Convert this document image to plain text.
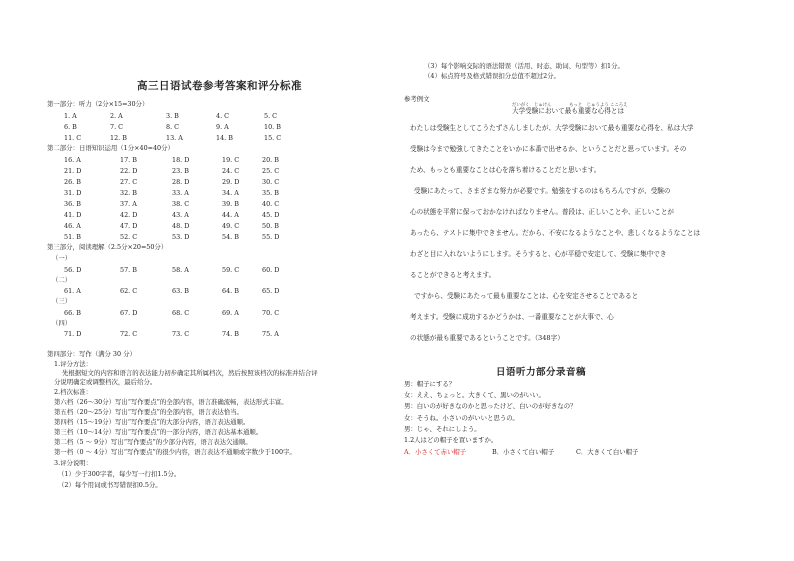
高三日语试卷参考答案和评分标准
第一部分：听力（2分×15=30分）
1. A	2. A	3. B	4. C	5. C
6. B	7. C	8. C	9. A	10. B
11. C	12. B	13. A	14. B	15. C
第二部分：日语知识运用（1分×40=40分）
16. A	17. B	18. D	19. C	20. B
21. D	22. D	23. B	24. C	25. C
26. B	27. C	28. D	29. D	30. C
31. D	32. B	33. A	34. A	35. B
36. B	37. A	38. C	39. B	40. C
41. D	42. D	43. A	44. A	45. D
46. A	47. D	48. D	49. C	50. B
51. B	52. C	53. D	54. B	55. D
第三部分，阅读理解（2.5分×20=50分）
（一）
56. D	57. B	58. A	59. C	60. D
（二）
61. A	62. C	63. B	64. B	65. D
（三）
66. B	67. D	68. C	69. A	70. C
（四）
71. D	72. C	73. C	74. B	75. A
第四部分：写作（满分 30 分）
1.评分方法：
先根据短文的内容和语言的表达能力初步确定其所属档次，然后按照该档次的标准并结合评
分说明确定或调整档次，最后给分。
2.档次标准：
第六档（26～30分）写出“写作要点”的全部内容，语言准确流畅，表达形式丰富。
第五档（20～25分）写出“写作要点”的全部内容，语言表达恰当。
第四档（15～19分）写出“写作要点”的大部分内容，语言表达通顺。
第三档（10～14分）写出“写作要点”的一部分内容，语言表达基本通顺。
第二档（5 ～ 9分）写出“写作要点”的少部分内容，语言表达欠通顺。
第一档（0 ～ 4分）写出“写作要点”的很少内容，语言表达不通顺或字数少于100字。
3.评分说明：
（1）少于300字者，每少写一行扣1.5分。
（2）每个用词或书写错误扣0.5分。
（3）每个影响交际的语法错误（活用、时态、助词、句型等）扣1分。
（4）标点符号及格式错误扣分总值不超过2分。
参考例文
だいがく　じゅけん　　　　もっと　じゅうよう こころえ
大学受験において最も重要な心得とは
わたしは受験生としてこうたずさんしましたが、大学受験において最も重要な心得を、私は大学
受験は今まで勉強してきたことをいかに本番で出せるか、ということだと思っています。その
ため、もっとも重要なことは心を落ち着けることだと思います。
受験にあたって、さまざまな努力が必要です。勉強をするのはもちろんですが、受験の
心の状態を平常に保っておかなければなりません。普段は、正しいことや、正しいことが
あったら、テストに集中できません。だから、不安になるようなことや、悲しくなるようなことは
わざと目に入れないようにします。そうすると、心が平穏で安定して、受験に集中でき
ることができると考えます。
ですから、受験にあたって最も重要なことは、心を安定させることであると
考えます。受験に成功するかどうかは、一番重要なことが大事で、心
の状態が最も重要であるということです。（348字）
日语听力部分录音稿
男：帽子にする？
女：ええ、ちょっと。大きくて、黒いのがいい。
男：白いのが好きなのかと思ったけど、白いのが好きなの？
女：そうね。小さいのがいいと思うの。
男：じゃ、それにしよう。
1.2人はどの帽子を買いますか。
A．小さくて赤い帽子	B．小さくて白い帽子	C．大きくて白い帽子
